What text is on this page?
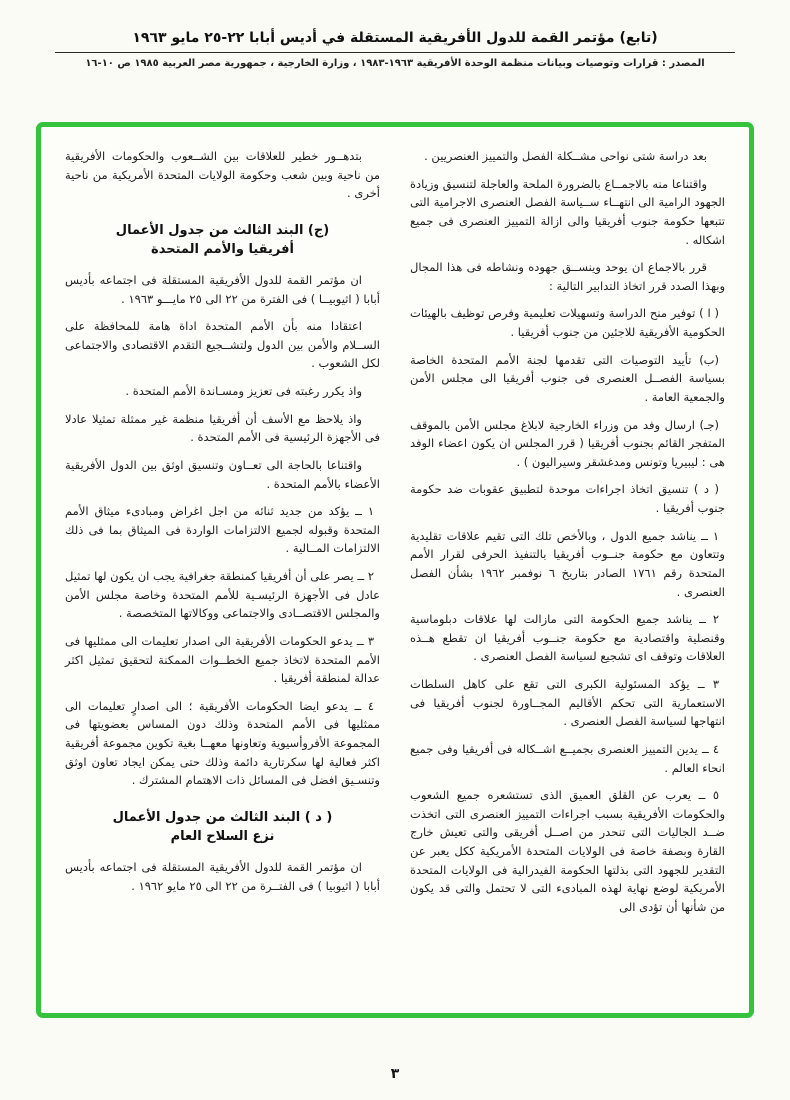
(تابع) مؤتمر القمة للدول الأفريقية المستقلة في أديس أبابا ٢٢-٢٥ مايو ١٩٦٣
المصدر : قرارات وتوصيات وبيانات منظمة الوحدة الأفريقية ١٩٦٣-١٩٨٣ ، وزارة الخارجية ، جمهورية مصر العربية ١٩٨٥ ص ١٠-١٦

بعد دراسة شتى نواحى مشــكلة الفصل والتمييز العنصريين .

واقتناعا منه بالاجمــاع بالضرورة الملحة والعاجلة لتنسيق وزيادة الجهود الرامية الى انتهــاء ســياسة الفصل العنصرى الاجرامية التى تتبعها حكومة جنوب أفريقيا والى ازالة التمييز العنصرى فى جميع اشكاله .

قرر بالاجماع ان يوحد وينســق جهوده ونشاطه فى هذا المجال وبهذا الصدد قرر اتخاذ التدابير التالية :

( ا ) توفير منح الدراسة وتسهيلات تعليمية وفرص توظيف بالهيئات الحكومية الأفريقية للاجئين من جنوب أفريقيا .

(ب) تأييد التوصيات التى تقدمها لجنة الأمم المتحدة الخاصة بسياسة الفصــل العنصرى فى جنوب أفريقيا الى مجلس الأمن والجمعية العامة .

(جـ) ارسال وفد من وزراء الخارجية لابلاغ مجلس الأمن بالموقف المتفجر القائم بجنوب أفريقيا ( قرر المجلس ان يكون اعضاء الوفد هى : ليبيريا وتونس ومدغشقر وسيراليون ) .

( د ) تنسيق اتخاذ اجراءات موحدة لتطبيق عقوبات ضد حكومة جنوب أفريقيا .

١ ــ يناشد جميع الدول ، وبالأخص تلك التى تقيم علاقات تقليدية وتتعاون مع حكومة جنــوب أفريقيا بالتنفيذ الحرفى لقرار الأمم المتحدة رقم ١٧٦١ الصادر بتاريخ ٦ نوفمبر ١٩٦٢ بشأن الفصل العنصرى .

٢ ــ يناشد جميع الحكومة التى مازالت لها علاقات دبلوماسية وقنصلية واقتصادية مع حكومة جنــوب أفريقيا ان تقطع هــذه العلاقات وتوقف اى تشجيع لسياسة الفصل العنصرى .

٣ ــ يؤكد المسئولية الكبرى التى تقع على كاهل السلطات الاستعمارية التى تحكم الأقاليم المجــاورة لجنوب أفريقيا فى انتهاجها لسياسة الفصل العنصرى .

٤ ــ يدين التمييز العنصرى بجميــع اشــكاله فى أفريقيا وفى جميع انحاء العالم .

٥ ــ يعرب عن القلق العميق الذى تستشعره جميع الشعوب والحكومات الأفريقية بسبب اجراءات التمييز العنصرى التى اتخذت ضــد الجاليات التى تنحدر من اصــل أفريقى والتى تعيش خارج القارة وبصفة خاصة فى الولايات المتحدة الأمريكية ككل يعبر عن التقدير للجهود التى بذلتها الحكومة الفيدرالية فى الولايات المتحدة الأمريكية لوضع نهاية لهذه المبادىء التى لا تحتمل والتى قد يكون من شأنها أن تؤدى الى

بتدهــور خطير للعلاقات بين الشــعوب والحكومات الأفريقية من ناحية وبين شعب وحكومة الولايات المتحدة الأمريكية من ناحية أخرى .

(ج) البند الثالث من جدول الأعمال
أفريقيا والأمم المتحدة

ان مؤتمر القمة للدول الأفريقية المستقلة فى اجتماعه بأديس أبابا ( اثيوبيــا ) فى الفترة من ٢٢ الى ٢٥ مايـــو ١٩٦٣ .

اعتقادا منه بأن الأمم المتحدة اداة هامة للمحافظة على الســلام والأمن بين الدول ولتشــجيع التقدم الاقتصادى والاجتماعى لكل الشعوب .

واذ يكرر رغبته فى تعزيز ومسـاندة الأمم المتحدة .

واذ يلاحظ مع الأسف أن أفريقيا منظمة غير ممثلة تمثيلا عادلا فى الأجهزة الرئيسية فى الأمم المتحدة .

واقتناعا بالحاجة الى تعــاون وتنسيق اوثق بين الدول الأفريقية الأعضاء بالأمم المتحدة .

١ ــ يؤكد من جديد ثنائه من اجل اغراض ومبادىء ميثاق الأمم المتحدة وقبوله لجميع الالتزامات الواردة فى الميثاق بما فى ذلك الالتزامات المــالية .

٢ ــ يصر على أن أفريقيا كمنطقة جغرافية يجب ان يكون لها تمثيل عادل فى الأجهزة الرئيسـية للأمم المتحدة وخاصة مجلس الأمن والمجلس الاقتصــادى والاجتماعى ووكالاتها المتخصصة .

٣ ــ يدعو الحكومات الأفريقية الى اصدار تعليمات الى ممثليها فى الأمم المتحدة لاتخاذ جميع الخطــوات الممكنة لتحقيق تمثيل اكثر عدالة لمنطقة أفريقيا .

٤ ــ يدعو ايضا الحكومات الأفريقية ؛ الى اصدارٍ تعليمات الى ممثليها فى الأمم المتحدة وذلك دون المساس بعضويتها فى المجموعة الأفروأسيوية وتعاونها معهــا بغية تكوين مجموعة أفريقية اكثر فعالية لها سكرتارية دائمة وذلك حتى يمكن ايجاد تعاون اوثق وتنسـيق افضل فى المسائل ذات الاهتمام المشترك .

( د ) البند الثالث من جدول الأعمال
نزع السلاح العام

ان مؤتمر القمة للدول الأفريقية المستقلة فى اجتماعه بأديس أبابا ( اثيوبيا ) فى الفتــرة من ٢٢ الى ٢٥ مايو ١٩٦٢ .

٣
